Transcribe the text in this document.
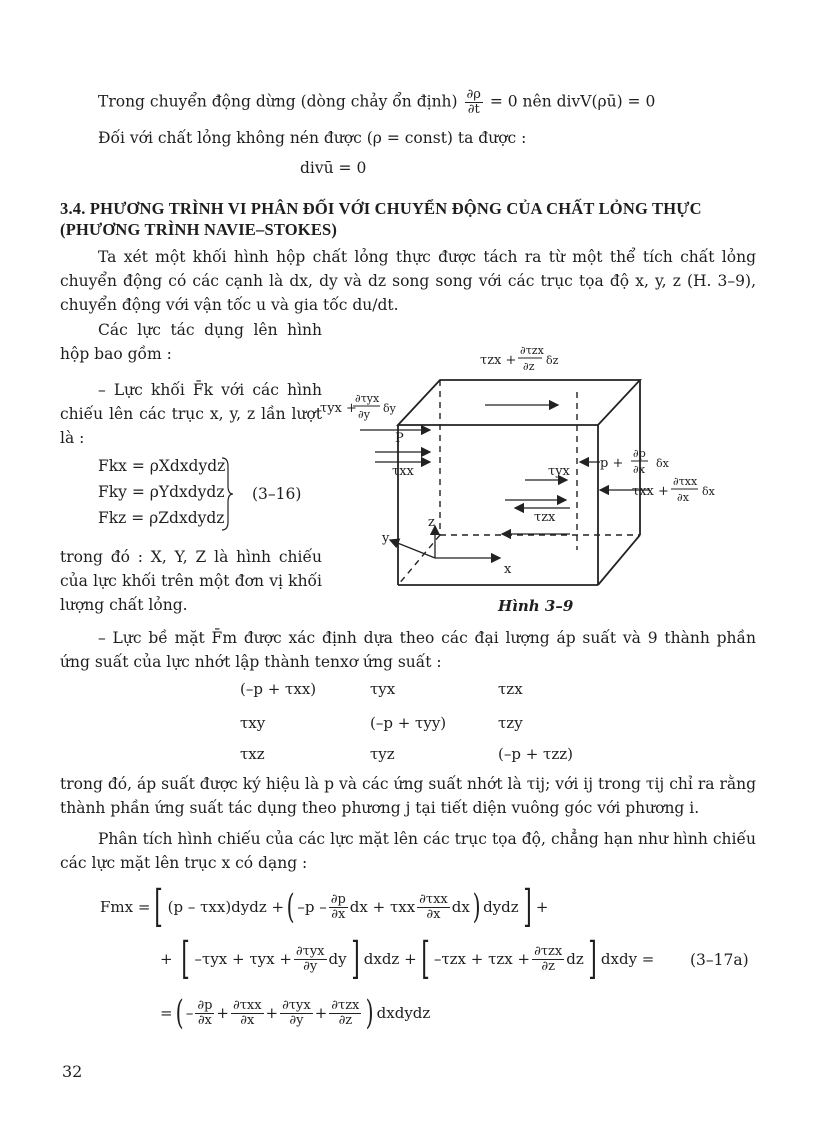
Trong chuyển động dừng (dòng chảy ổn định) $\frac{\partial\rho}{\partial t} = 0$ nên divV(ρū) = 0
Đối với chất lỏng không nén được (ρ = const) ta được :
divū = 0
3.4. PHƯƠNG TRÌNH VI PHÂN ĐỐI VỚI CHUYỂN ĐỘNG CỦA CHẤT LỎNG THỰC
(PHƯƠNG TRÌNH NAVIE–STOKES)
Ta xét một khối hình hộp chất lỏng thực được tách ra từ một thể tích chất lỏng chuyển động có các cạnh là dx, dy và dz song song với các trục tọa độ x, y, z (H. 3–9), chuyển động với vận tốc u và gia tốc du/dt.
Các lực tác dụng lên hình hộp bao gồm :
– Lực khối F̄k với các hình chiếu lên các trục x, y, z lần lượt là :
Fkx = ρXdxdydz
Fky = ρYdxdydz
Fkz = ρZdxdydz
(3–16)
trong đó : X, Y, Z là hình chiếu của lực khối trên một đơn vị khối lượng chất lỏng.
τzx +
∂τzx
∂z δz
τyx +
∂τyx
∂y δy
P
τxx	τyx
τzx
p +
∂p
∂x δx
τxx +
∂τxx
∂x δx
z
x
y
Hình 3–9
– Lực bề mặt F̄m được xác định dựa theo các đại lượng áp suất và 9 thành phần ứng suất của lực nhớt lập thành tenxơ ứng suất :
(–p + τxx)	τyx	τzx
τxy	(–p + τyy)	τzy
τxz	τyz	(–p + τzz)
trong đó, áp suất được ký hiệu là p và các ứng suất nhớt là τij; với ij trong τij chỉ ra rằng thành phần ứng suất tác dụng theo phương j tại tiết diện vuông góc với phương i.
Phân tích hình chiếu của các lực mặt lên các trục tọa độ, chẳng hạn như hình chiếu các lực mặt lên trục x có dạng :
Fmx = [ (p – τxx)dydz + ( $-p - \frac{\partial p}{\partial x}$ dx + τxx $\frac{\text{∂τxx}}{\partial x}$ dx ) dydz ] +
+ [ $-\tau yx + \tau yx + \frac{\text{∂τyx}}{\partial y}$ dy ] dxdz + [ $-\tau zx + \tau zx + \frac{\text{∂τzx}}{\partial z}$ dz ] dxdy = (3–17a)
= ( – $\frac{\partial p}{\partial x} + \frac{\text{∂τxx}}{\partial x} + \frac{\text{∂τyx}}{\partial y} + \frac{\text{∂τzx}}{\partial z}$ ) dxdydz
32
